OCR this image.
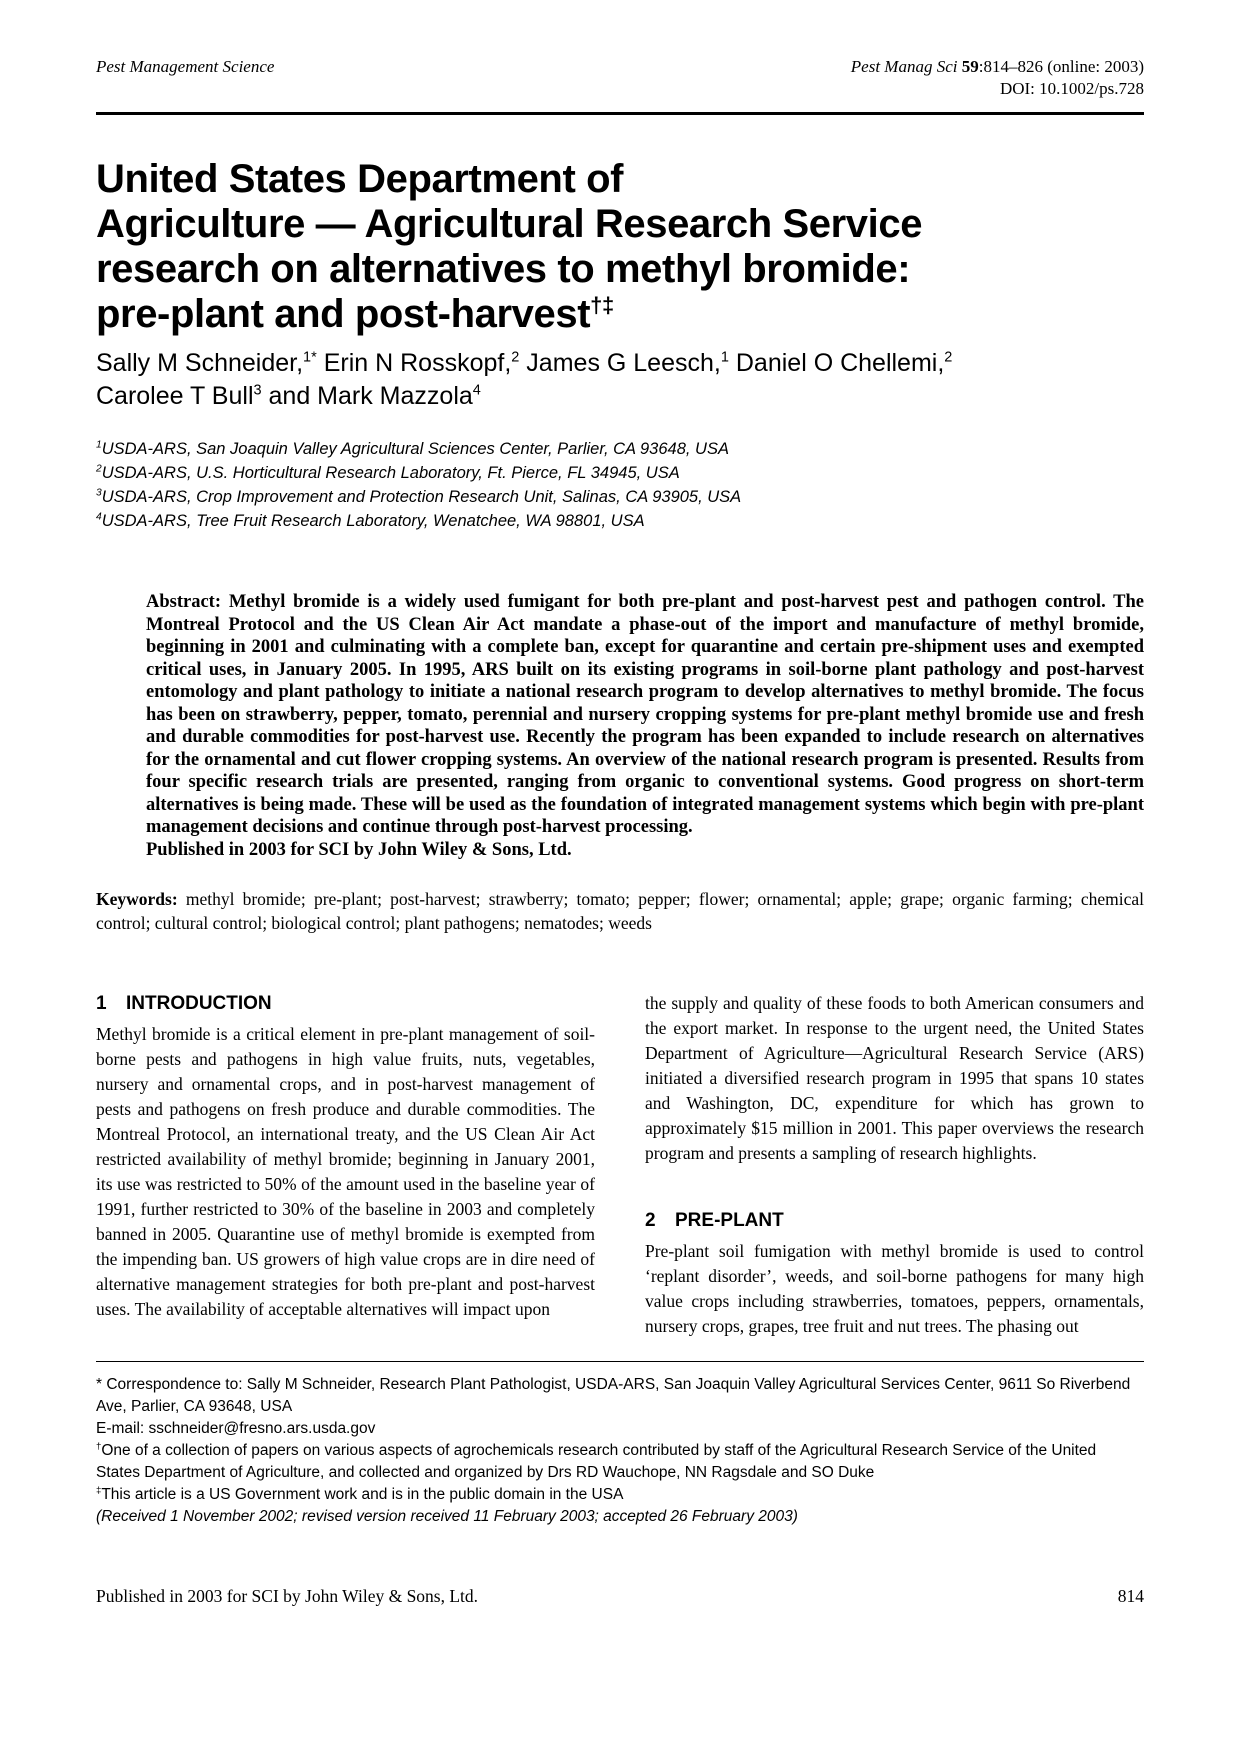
Pest Management Science	Pest Manag Sci 59:814–826 (online: 2003)
DOI: 10.1002/ps.728
United States Department of
Agriculture — Agricultural Research Service
research on alternatives to methyl bromide:
pre-plant and post-harvest†‡
Sally M Schneider,$^{1*}$ Erin N Rosskopf,$^2$ James G Leesch,$^1$ Daniel O Chellemi,$^2$
Carolee T Bull$^3$ and Mark Mazzola$^4$
$^1$USDA-ARS, San Joaquin Valley Agricultural Sciences Center, Parlier, CA 93648, USA
$^2$USDA-ARS, U.S. Horticultural Research Laboratory, Ft. Pierce, FL 34945, USA
$^3$USDA-ARS, Crop Improvement and Protection Research Unit, Salinas, CA 93905, USA
$^4$USDA-ARS, Tree Fruit Research Laboratory, Wenatchee, WA 98801, USA
Abstract: Methyl bromide is a widely used fumigant for both pre-plant and post-harvest pest and pathogen control. The Montreal Protocol and the US Clean Air Act mandate a phase-out of the import and manufacture of methyl bromide, beginning in 2001 and culminating with a complete ban, except for quarantine and certain pre-shipment uses and exempted critical uses, in January 2005. In 1995, ARS built on its existing programs in soil-borne plant pathology and post-harvest entomology and plant pathology to initiate a national research program to develop alternatives to methyl bromide. The focus has been on strawberry, pepper, tomato, perennial and nursery cropping systems for pre-plant methyl bromide use and fresh and durable commodities for post-harvest use. Recently the program has been expanded to include research on alternatives for the ornamental and cut flower cropping systems. An overview of the national research program is presented. Results from four specific research trials are presented, ranging from organic to conventional systems. Good progress on short-term alternatives is being made. These will be used as the foundation of integrated management systems which begin with pre-plant management decisions and continue through post-harvest processing.
Published in 2003 for SCI by John Wiley & Sons, Ltd.
Keywords: methyl bromide; pre-plant; post-harvest; strawberry; tomato; pepper; flower; ornamental; apple; grape; organic farming; chemical control; cultural control; biological control; plant pathogens; nematodes; weeds
1 INTRODUCTION

Methyl bromide is a critical element in pre-plant management of soil-borne pests and pathogens in high value fruits, nuts, vegetables, nursery and ornamental crops, and in post-harvest management of pests and pathogens on fresh produce and durable commodities. The Montreal Protocol, an international treaty, and the US Clean Air Act restricted availability of methyl bromide; beginning in January 2001, its use was restricted to 50% of the amount used in the baseline year of 1991, further restricted to 30% of the baseline in 2003 and completely banned in 2005. Quarantine use of methyl bromide is exempted from the impending ban. US growers of high value crops are in dire need of alternative management strategies for both pre-plant and post-harvest uses. The availability of acceptable alternatives will impact upon

the supply and quality of these foods to both American consumers and the export market. In response to the urgent need, the United States Department of Agriculture—Agricultural Research Service (ARS) initiated a diversified research program in 1995 that spans 10 states and Washington, DC, expenditure for which has grown to approximately $15 million in 2001. This paper overviews the research program and presents a sampling of research highlights.

2 PRE-PLANT

Pre-plant soil fumigation with methyl bromide is used to control ‘replant disorder’, weeds, and soil-borne pathogens for many high value crops including strawberries, tomatoes, peppers, ornamentals, nursery crops, grapes, tree fruit and nut trees. The phasing out

* Correspondence to: Sally M Schneider, Research Plant Pathologist, USDA-ARS, San Joaquin Valley Agricultural Services Center, 9611 So Riverbend Ave, Parlier, CA 93648, USA
E-mail: sschneider@fresno.ars.usda.gov
†One of a collection of papers on various aspects of agrochemicals research contributed by staff of the Agricultural Research Service of the United States Department of Agriculture, and collected and organized by Drs RD Wauchope, NN Ragsdale and SO Duke
‡This article is a US Government work and is in the public domain in the USA
(Received 1 November 2002; revised version received 11 February 2003; accepted 26 February 2003)
Published in 2003 for SCI by John Wiley & Sons, Ltd.	814
